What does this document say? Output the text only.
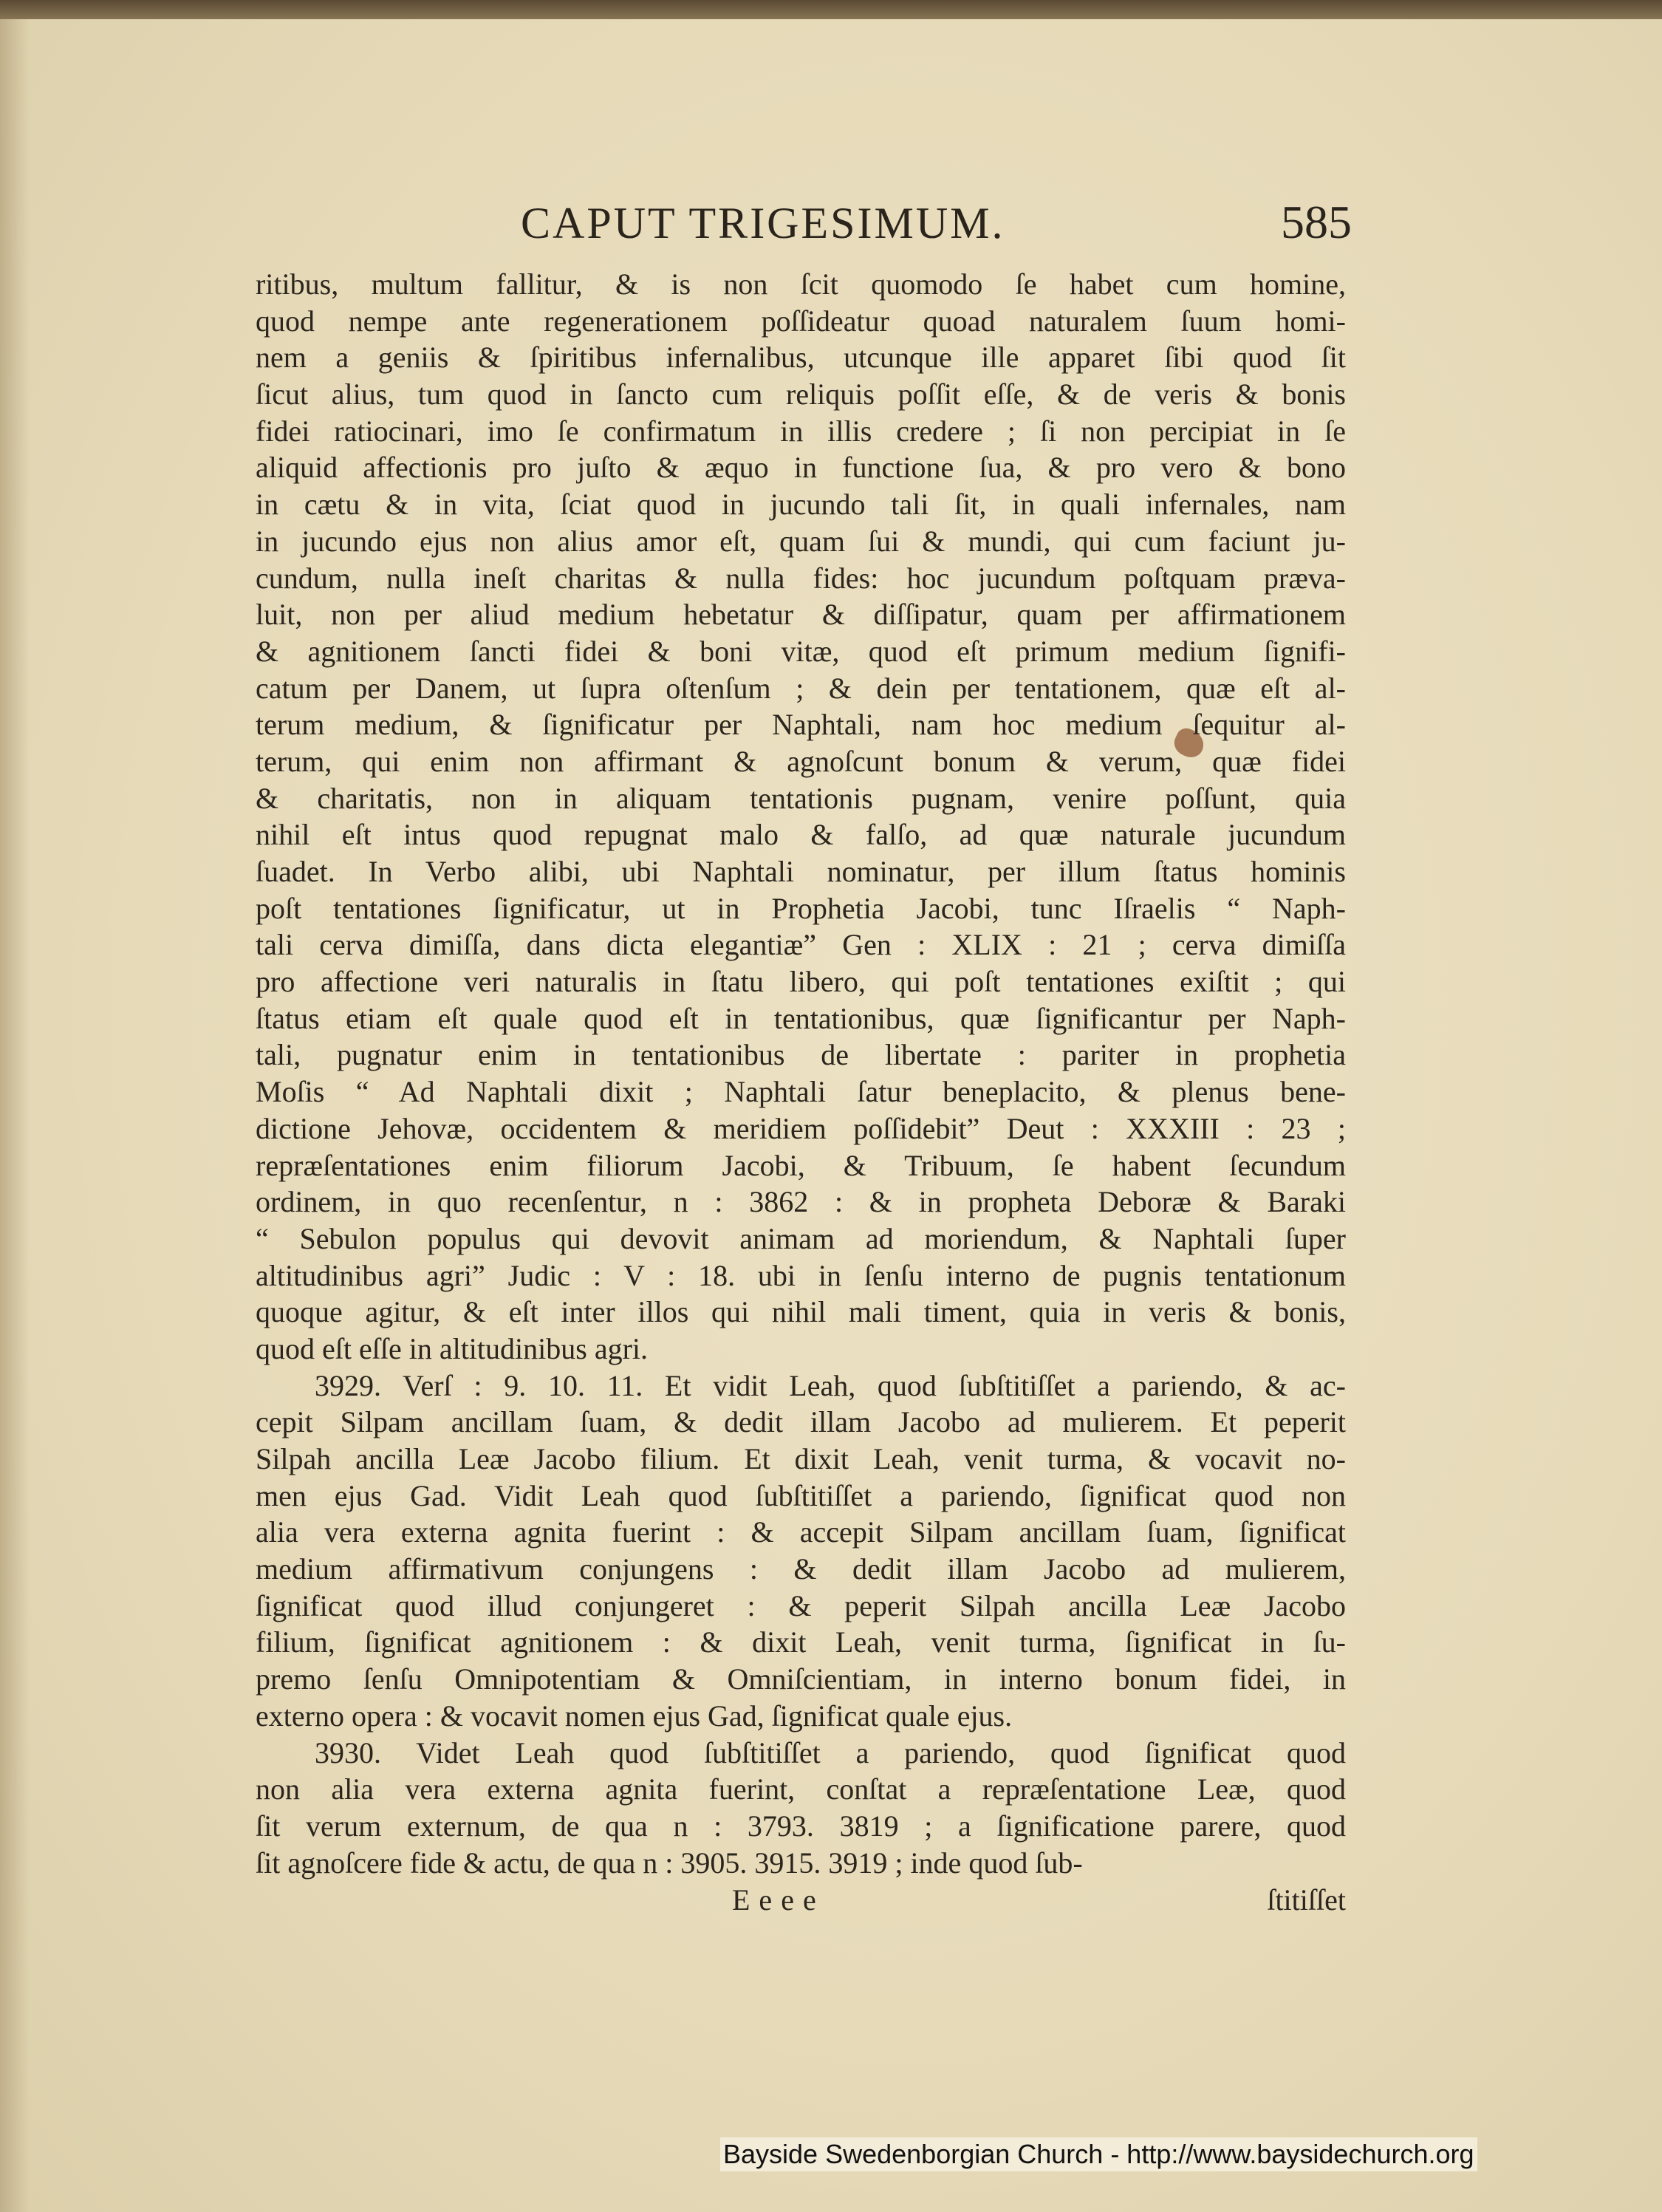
CAPUT TRIGESIMUM.	585
ritibus, multum fallitur, & is non ſcit quomodo ſe habet cum homine,
quod nempe ante regenerationem poſſideatur quoad naturalem ſuum homi-
nem a geniis & ſpiritibus infernalibus, utcunque ille apparet ſibi quod ſit
ſicut alius, tum quod in ſancto cum reliquis poſſit eſſe, & de veris & bonis
fidei ratiocinari, imo ſe confirmatum in illis credere ; ſi non percipiat in ſe
aliquid affectionis pro juſto & æquo in functione ſua, & pro vero & bono
in cætu & in vita, ſciat quod in jucundo tali ſit, in quali infernales, nam
in jucundo ejus non alius amor eſt, quam ſui & mundi, qui cum faciunt ju-
cundum, nulla ineſt charitas & nulla fides: hoc jucundum poſtquam præva-
luit, non per aliud medium hebetatur & diſſipatur, quam per affirmationem
& agnitionem ſancti fidei & boni vitæ, quod eſt primum medium ſignifi-
catum per Danem, ut ſupra oſtenſum ; & dein per tentationem, quæ eſt al-
terum medium, & ſignificatur per Naphtali, nam hoc medium ſequitur al-
terum, qui enim non affirmant & agnoſcunt bonum & verum, quæ fidei
& charitatis, non in aliquam tentationis pugnam, venire poſſunt, quia
nihil eſt intus quod repugnat malo & falſo, ad quæ naturale jucundum
ſuadet. In Verbo alibi, ubi Naphtali nominatur, per illum ſtatus hominis
poſt tentationes ſignificatur, ut in Prophetia Jacobi, tunc Iſraelis “ Naph-
tali cerva dimiſſa, dans dicta elegantiæ” Gen : XLIX : 21 ; cerva dimiſſa
pro affectione veri naturalis in ſtatu libero, qui poſt tentationes exiſtit ; qui
ſtatus etiam eſt quale quod eſt in tentationibus, quæ ſignificantur per Naph-
tali, pugnatur enim in tentationibus de libertate : pariter in prophetia
Moſis “ Ad Naphtali dixit ; Naphtali ſatur beneplacito, & plenus bene-
dictione Jehovæ, occidentem & meridiem poſſidebit” Deut : XXXIII : 23 ;
repræſentationes enim filiorum Jacobi, & Tribuum, ſe habent ſecundum
ordinem, in quo recenſentur, n : 3862 : & in propheta Deboræ & Baraki
“ Sebulon populus qui devovit animam ad moriendum, & Naphtali ſuper
altitudinibus agri” Judic : V : 18. ubi in ſenſu interno de pugnis tentationum
quoque agitur, & eſt inter illos qui nihil mali timent, quia in veris & bonis,
quod eſt eſſe in altitudinibus agri.
3929. Verſ : 9. 10. 11. Et vidit Leah, quod ſubſtitiſſet a pariendo, & ac-
cepit Silpam ancillam ſuam, & dedit illam Jacobo ad mulierem. Et peperit
Silpah ancilla Leæ Jacobo filium. Et dixit Leah, venit turma, & vocavit no-
men ejus Gad. Vidit Leah quod ſubſtitiſſet a pariendo, ſignificat quod non
alia vera externa agnita fuerint : & accepit Silpam ancillam ſuam, ſignificat
medium affirmativum conjungens : & dedit illam Jacobo ad mulierem,
ſignificat quod illud conjungeret : & peperit Silpah ancilla Leæ Jacobo
filium, ſignificat agnitionem : & dixit Leah, venit turma, ſignificat in ſu-
premo ſenſu Omnipotentiam & Omniſcientiam, in interno bonum fidei, in
externo opera : & vocavit nomen ejus Gad, ſignificat quale ejus.
3930. Videt Leah quod ſubſtitiſſet a pariendo, quod ſignificat quod
non alia vera externa agnita fuerint, conſtat a repræſentatione Leæ, quod
ſit verum externum, de qua n : 3793. 3819 ; a ſignificatione parere, quod
ſit agnoſcere fide & actu, de qua n : 3905. 3915. 3919 ; inde quod ſub-
Eeee	ſtitiſſet
Bayside Swedenborgian Church - http://www.baysidechurch.org
